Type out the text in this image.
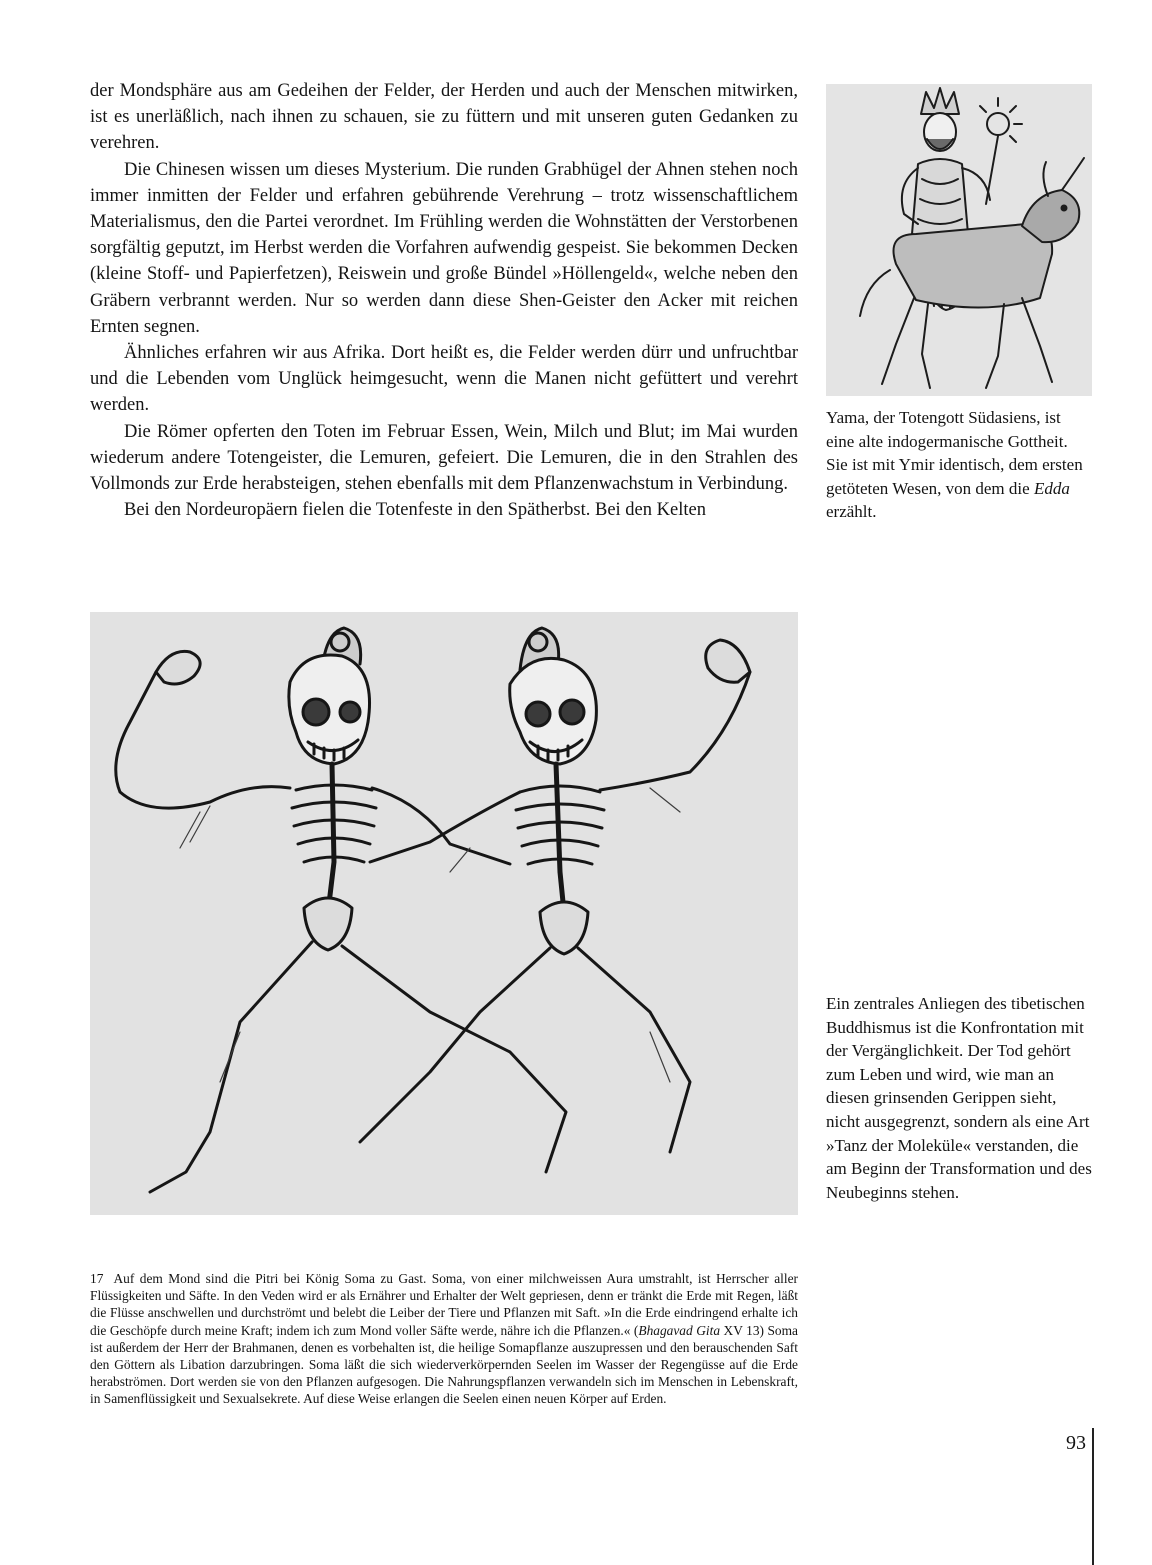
der Mondsphäre aus am Gedeihen der Felder, der Herden und auch der Menschen mitwirken, ist es unerläßlich, nach ihnen zu schauen, sie zu füttern und mit unseren guten Gedanken zu verehren.

Die Chinesen wissen um dieses Mysterium. Die runden Grabhügel der Ahnen stehen noch immer inmitten der Felder und erfahren gebührende Verehrung – trotz wissenschaftlichem Materialismus, den die Partei verordnet. Im Frühling werden die Wohnstätten der Verstorbenen sorgfältig geputzt, im Herbst werden die Vorfahren aufwendig gespeist. Sie bekommen Decken (kleine Stoff- und Papierfetzen), Reiswein und große Bündel »Höllengeld«, welche neben den Gräbern verbrannt werden. Nur so werden dann diese Shen-Geister den Acker mit reichen Ernten segnen.

Ähnliches erfahren wir aus Afrika. Dort heißt es, die Felder werden dürr und unfruchtbar und die Lebenden vom Unglück heimgesucht, wenn die Manen nicht gefüttert und verehrt werden.

Die Römer opferten den Toten im Februar Essen, Wein, Milch und Blut; im Mai wurden wiederum andere Totengeister, die Lemuren, gefeiert. Die Lemuren, die in den Strahlen des Vollmonds zur Erde herabsteigen, stehen ebenfalls mit dem Pflanzenwachstum in Verbindung.

Bei den Nordeuropäern fielen die Totenfeste in den Spätherbst. Bei den Kelten

Yama, der Totengott Südasiens, ist eine alte indogermanische Gottheit. Sie ist mit Ymir identisch, dem ersten getöteten Wesen, von dem die Edda erzählt.
Ein zentrales Anliegen des tibetischen Buddhismus ist die Konfrontation mit der Vergänglichkeit. Der Tod gehört zum Leben und wird, wie man an diesen grinsenden Gerippen sieht, nicht ausgegrenzt, sondern als eine Art »Tanz der Moleküle« verstanden, die am Beginn der Transformation und des Neubeginns stehen.
17 Auf dem Mond sind die Pitri bei König Soma zu Gast. Soma, von einer milchweissen Aura umstrahlt, ist Herrscher aller Flüssigkeiten und Säfte. In den Veden wird er als Ernährer und Erhalter der Welt gepriesen, denn er tränkt die Erde mit Regen, läßt die Flüsse anschwellen und durchströmt und belebt die Leiber der Tiere und Pflanzen mit Saft. »In die Erde eindringend erhalte ich die Geschöpfe durch meine Kraft; indem ich zum Mond voller Säfte werde, nähre ich die Pflanzen.« (Bhagavad Gita XV 13) Soma ist außerdem der Herr der Brahmanen, denen es vorbehalten ist, die heilige Somapflanze auszupressen und den berauschenden Saft den Göttern als Libation darzubringen. Soma läßt die sich wiederverkörpernden Seelen im Wasser der Regengüsse auf die Erde herabströmen. Dort werden sie von den Pflanzen aufgesogen. Die Nahrungspflanzen verwandeln sich im Menschen in Lebenskraft, in Samenflüssigkeit und Sexualsekrete. Auf diese Weise erlangen die Seelen einen neuen Körper auf Erden.
93
